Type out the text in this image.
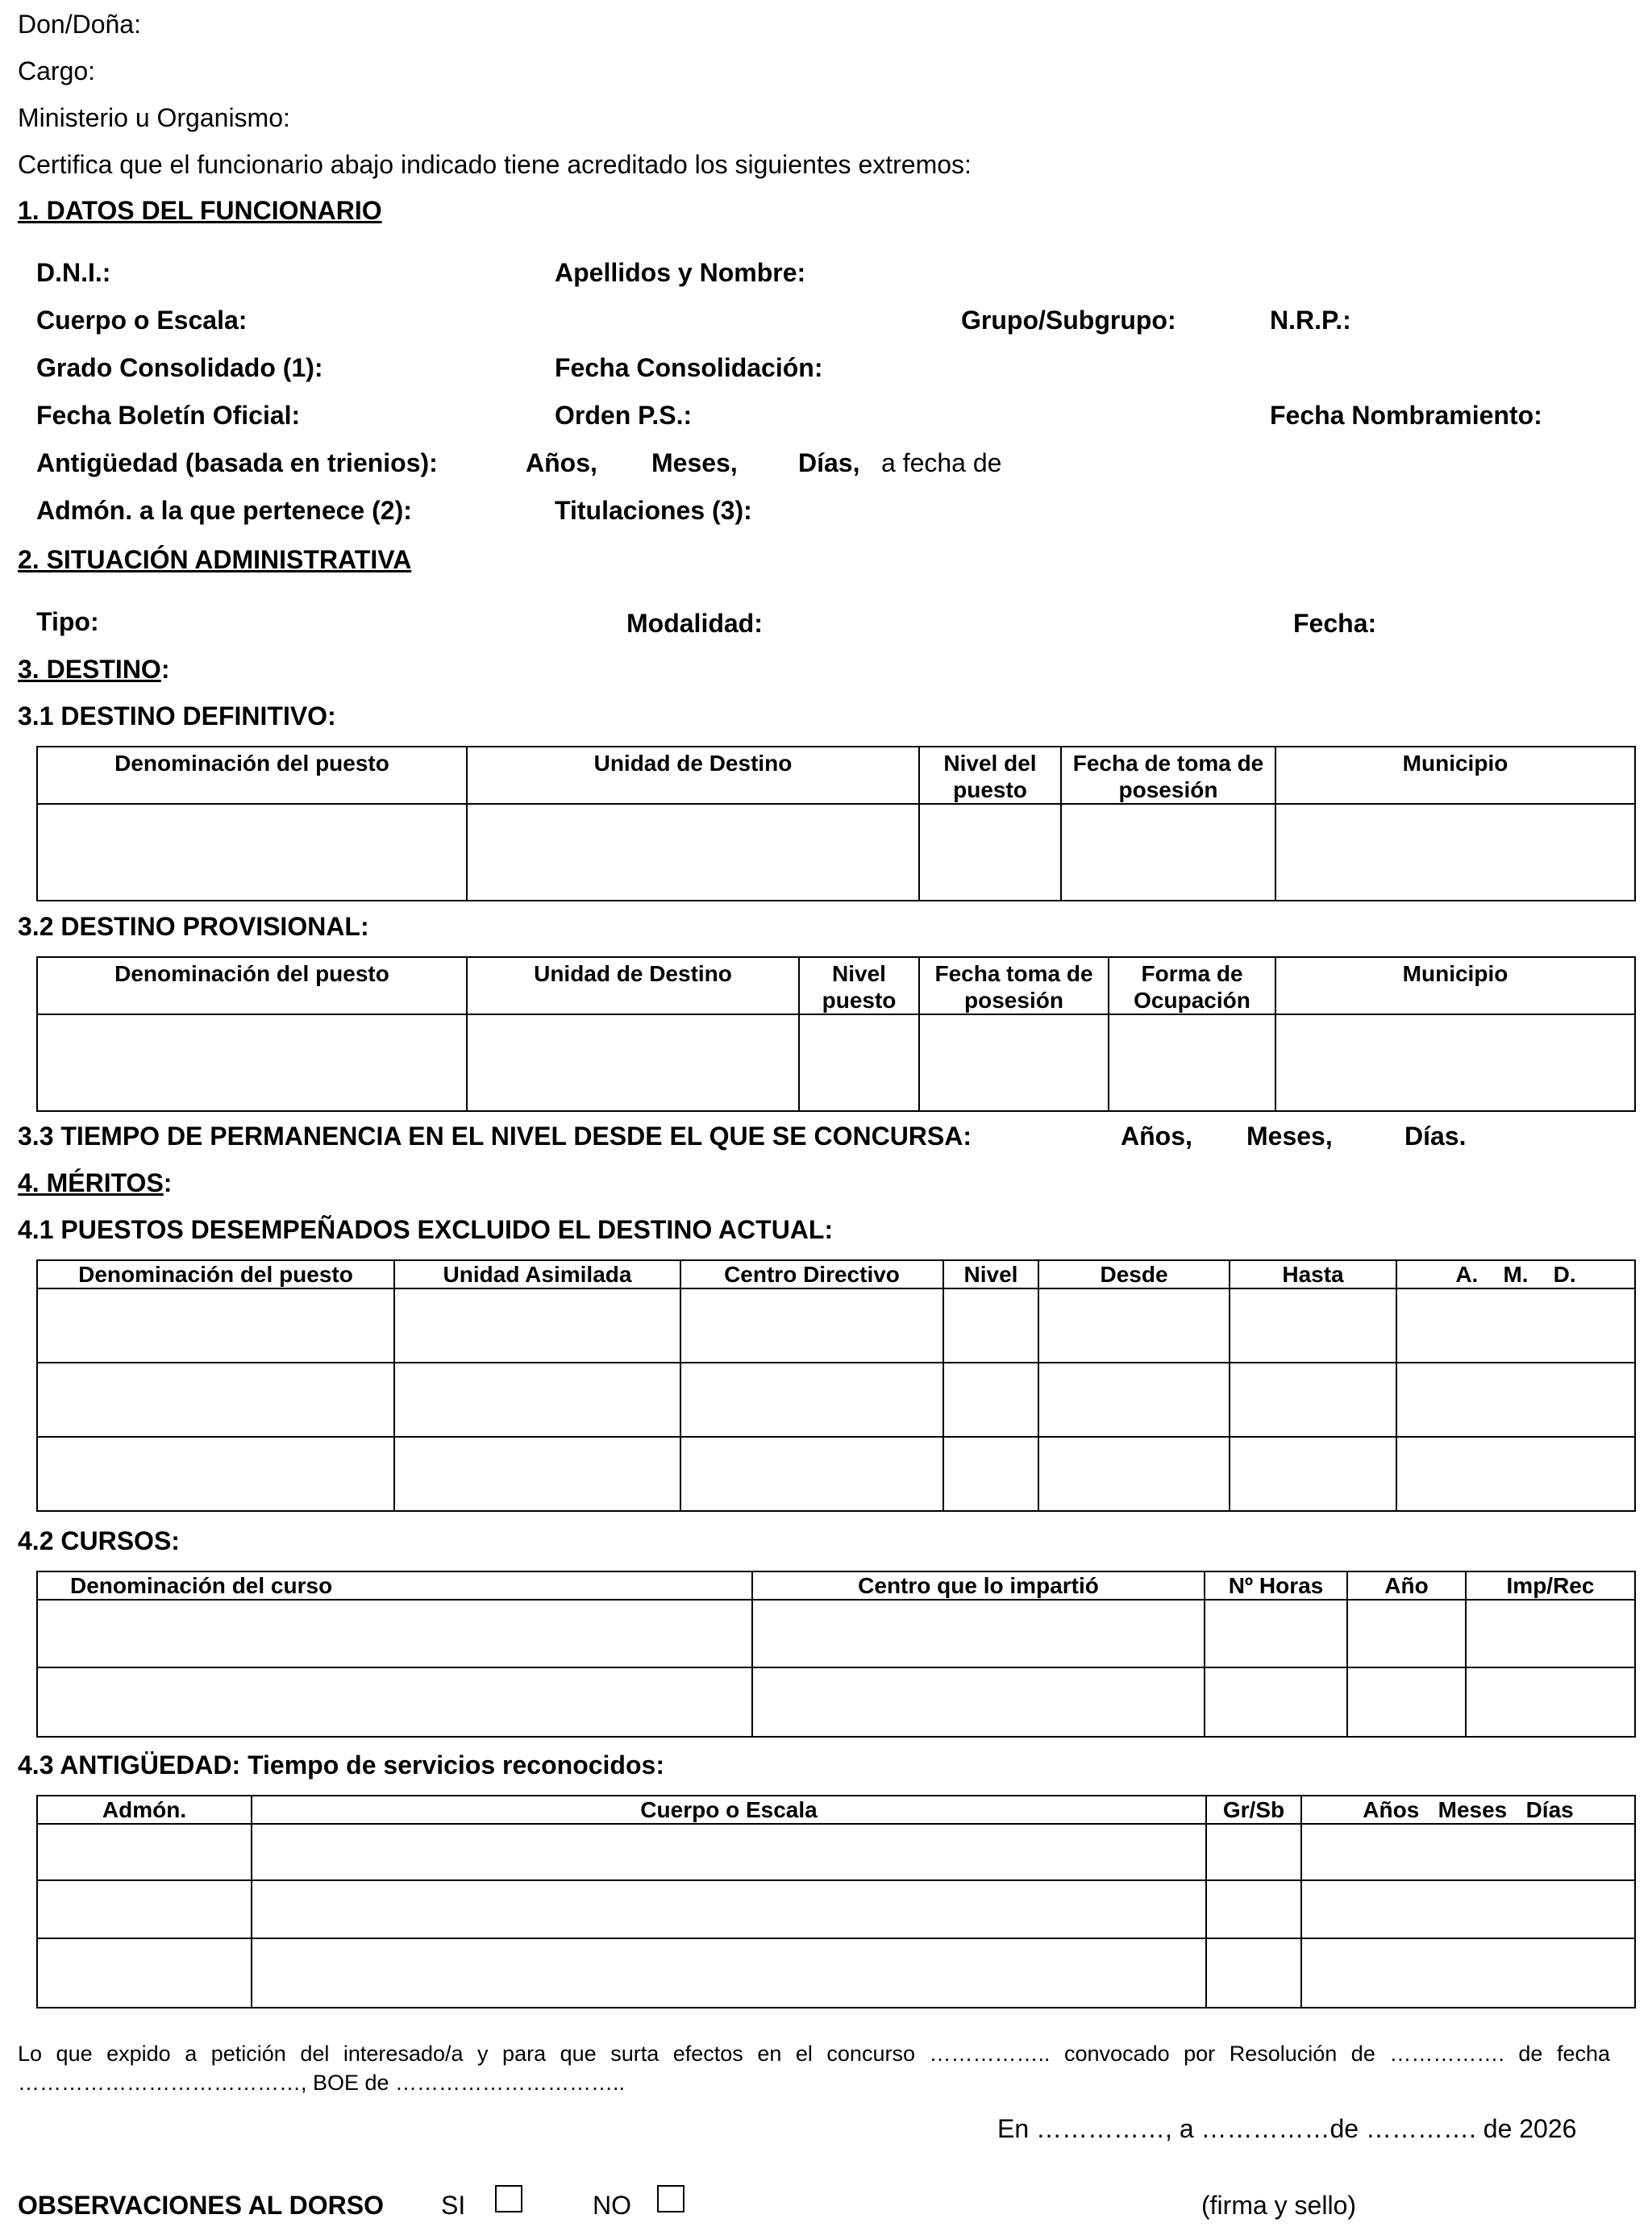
Don/Doña:
Cargo:
Ministerio u Organismo:
Certifica que el funcionario abajo indicado tiene acreditado los siguientes extremos:
1. DATOS DEL FUNCIONARIO
D.N.I.:	Apellidos y Nombre:
Cuerpo o Escala:	Grupo/Subgrupo:	N.R.P.:
Grado Consolidado (1):	Fecha Consolidación:
Fecha Boletín Oficial:	Orden P.S.:	Fecha Nombramiento:
Antigüedad (basada en trienios):	Años, Meses, Días, a fecha de
Admón. a la que pertenece (2):	Titulaciones (3):
2. SITUACIÓN ADMINISTRATIVA
Tipo:	Modalidad:	Fecha:
3. DESTINO:
3.1 DESTINO DEFINITIVO:
Denominación del puesto	Unidad de Destino	Nivel del puesto	Fecha de toma de posesión	Municipio

3.2 DESTINO PROVISIONAL:
Denominación del puesto	Unidad de Destino	Nivel puesto	Fecha toma de posesión	Forma de Ocupación	Municipio

3.3 TIEMPO DE PERMANENCIA EN EL NIVEL DESDE EL QUE SE CONCURSA:	Años, Meses,	Días.
4. MÉRITOS:
4.1 PUESTOS DESEMPEÑADOS EXCLUIDO EL DESTINO ACTUAL:
Denominación del puesto	Unidad Asimilada	Centro Directivo	Nivel	Desde	Hasta	A.    M.    D.

4.2 CURSOS:
Denominación del curso	Centro que lo impartió	Nº Horas	Año	Imp/Rec

4.3 ANTIGÜEDAD: Tiempo de servicios reconocidos:
Admón.	Cuerpo o Escala	Gr/Sb	Años   Meses   Días

Lo que expido a petición del interesado/a y para que surta efectos en el concurso …………….. convocado por Resolución de ……………. de fecha …………………………………, BOE de …………………………..
En ……………, a ……………de …………. de 2026
OBSERVACIONES AL DORSO SI	NO	(firma y sello)
